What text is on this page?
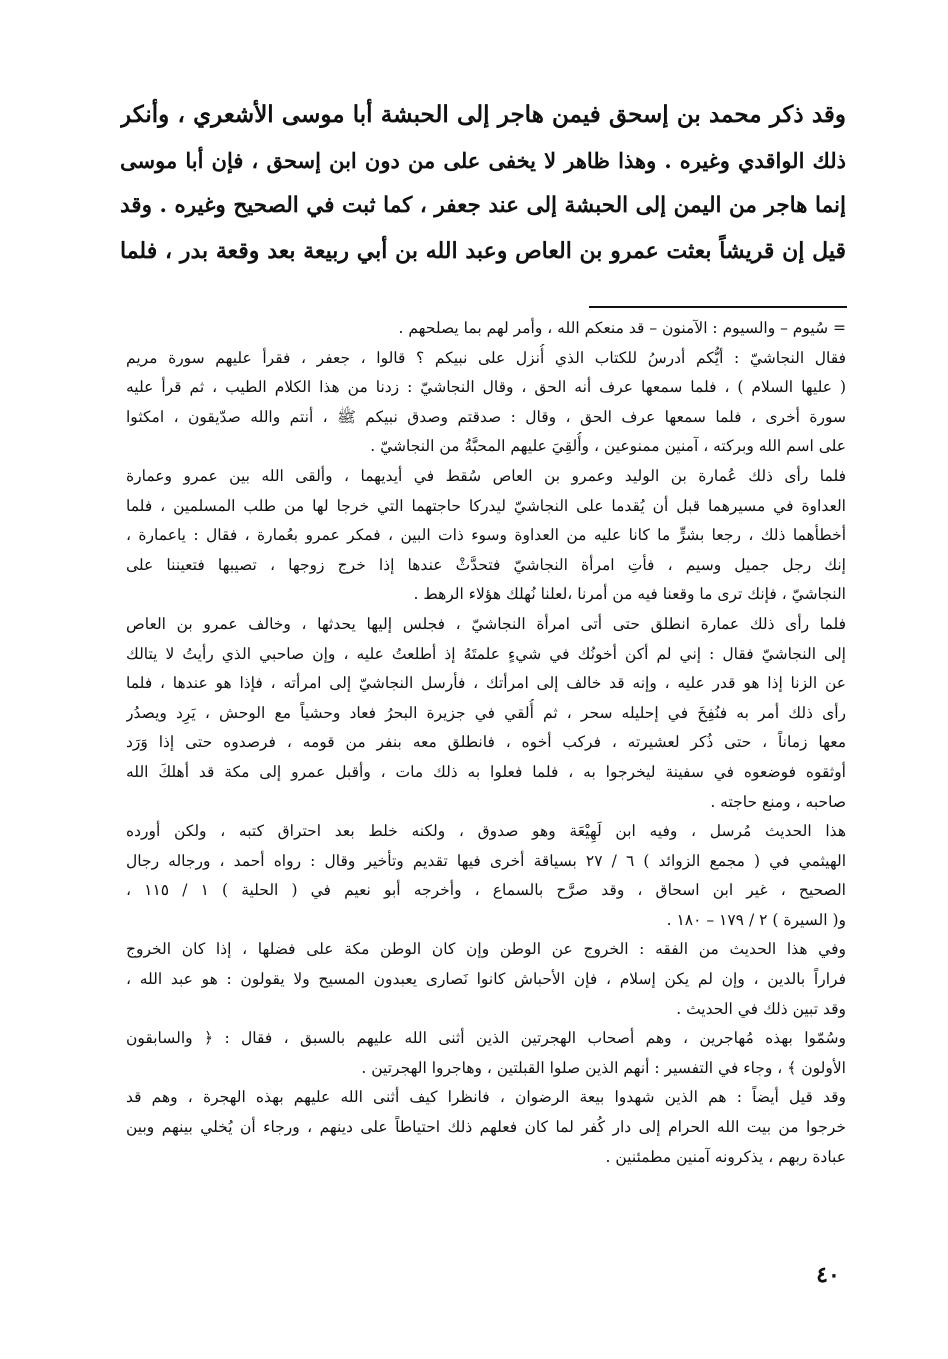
وقد ذكر محمد بن إسحق فيمن هاجر إلى الحبشة أبا موسى الأشعري ، وأنكر
ذلك الواقدي وغيره . وهذا ظاهر لا يخفى على من دون ابن إسحق ، فإن أبا موسى
إنما هاجر من اليمن إلى الحبشة إلى عند جعفر ، كما ثبت في الصحيح وغيره . وقد
قيل إن قريشاً بعثت عمرو بن العاص وعبد الله بن أبي ربيعة بعد وقعة بدر ، فلما
= سُيوم – والسيوم : الآمنون – قد منعكم الله ، وأمر لهم بما يصلحهم .
فقال النجاشيّ : أيُّكم أدرسُ للكتاب الذي أُنزل على نبيكم ؟ قالوا ، جعفر ، فقرأ عليهم سورة مريم
( عليها السلام ) ، فلما سمعها عرف أنه الحق ، وقال النجاشيّ : زدنا من هذا الكلام الطيب ، ثم قرأ عليه
سورة أخرى ، فلما سمعها عرف الحق ، وقال : صدقتم وصدق نبيكم ﷺ ، أنتم والله صدّيقون ، امكثوا
على اسم الله وبركته ، آمنين ممنوعين ، وأُلقِيَ عليهم المحبَّةُ من النجاشيّ .
فلما رأى ذلك عُمارة بن الوليد وعمرو بن العاص سُقط في أيديهما ، وألقى الله بين عمرو وعمارة
العداوة في مسيرهما قبل أن يُقدما على النجاشيّ ليدركا حاجتهما التي خرجا لها من طلب المسلمين ، فلما
أخطأهما ذلك ، رجعا بشرٍّ ما كانا عليه من العداوة وسوء ذات البين ، فمكر عمرو بعُمارة ، فقال : ياعمارة ،
إنك رجل جميل وسيم ، فأتِ امرأة النجاشيّ فتحدَّثْ عندها إذا خرج زوجها ، تصيبها فتعيننا على
النجاشيّ ، فإنك ترى ما وقعنا فيه من أمرنا ،لعلنا نُهلك هؤلاء الرهط .
فلما رأى ذلك عمارة انطلق حتى أتى امرأة النجاشيّ ، فجلس إليها يحدثها ، وخالف عمرو بن العاص
إلى النجاشيّ فقال : إني لم أكن أخونُك في شيءٍ علمتَهُ إذ أطلعتُ عليه ، وإن صاحبي الذي رأيتُ لا يتالك
عن الزنا إذا هو قدر عليه ، وإنه قد خالف إلى امرأتك ، فأرسل النجاشيّ إلى امرأته ، فإذا هو عندها ، فلما
رأى ذلك أمر به فنُفِخَ في إحليله سحر ، ثم أُلقي في جزيرة البحرُ فعاد وحشياً مع الوحش ، يَرِد ويصدُر
معها زماناً ، حتى ذُكر لعشيرته ، فركب أخوه ، فانطلق معه بنفر من قومه ، فرصدوه حتى إذا وَرَد
أوثقوه فوضعوه في سفينة ليخرجوا به ، فلما فعلوا به ذلك مات ، وأقبل عمرو إلى مكة قد أهلكَ الله
صاحبه ، ومنع حاجته .
هذا الحديث مُرسل ، وفيه ابن لَهِيْعَة وهو صدوق ، ولكنه خلط بعد احتراق كتبه ، ولكن أورده
الهيثمي في ( مجمع الزوائد ) ٦ / ٢٧ بسياقة أخرى فيها تقديم وتأخير وقال : رواه أحمد ، ورجاله رجال
الصحيح ، غير ابن اسحاق ، وقد صرَّح بالسماع ، وأخرجه أبو نعيم في ( الحلية ) ١ / ١١٥ ،
و( السيرة ) ٢ / ١٧٩ – ١٨٠ .
وفي هذا الحديث من الفقه : الخروج عن الوطن وإن كان الوطن مكة على فضلها ، إذا كان الخروج
فراراً بالدين ، وإن لم يكن إسلام ، فإن الأحباش كانوا نَصارى يعبدون المسيح ولا يقولون : هو عبد الله ،
وقد تبين ذلك في الحديث .
وسُمّوا بهذه مُهاجرين ، وهم أصحاب الهجرتين الذين أثنى الله عليهم بالسبق ، فقال : ﴿ والسابقون
الأولون ﴾ ، وجاء في التفسير : أنهم الذين صلوا القبلتين ، وهاجروا الهجرتين .
وقد قيل أيضاً : هم الذين شهدوا بيعة الرضوان ، فانظرا كيف أثنى الله عليهم بهذه الهجرة ، وهم قد
خرجوا من بيت الله الحرام إلى دار كُفر لما كان فعلهم ذلك احتياطاً على دينهم ، ورجاء أن يُخلي بينهم وبين
عبادة ربهم ، يذكرونه آمنين مطمئنين .
٤٠
